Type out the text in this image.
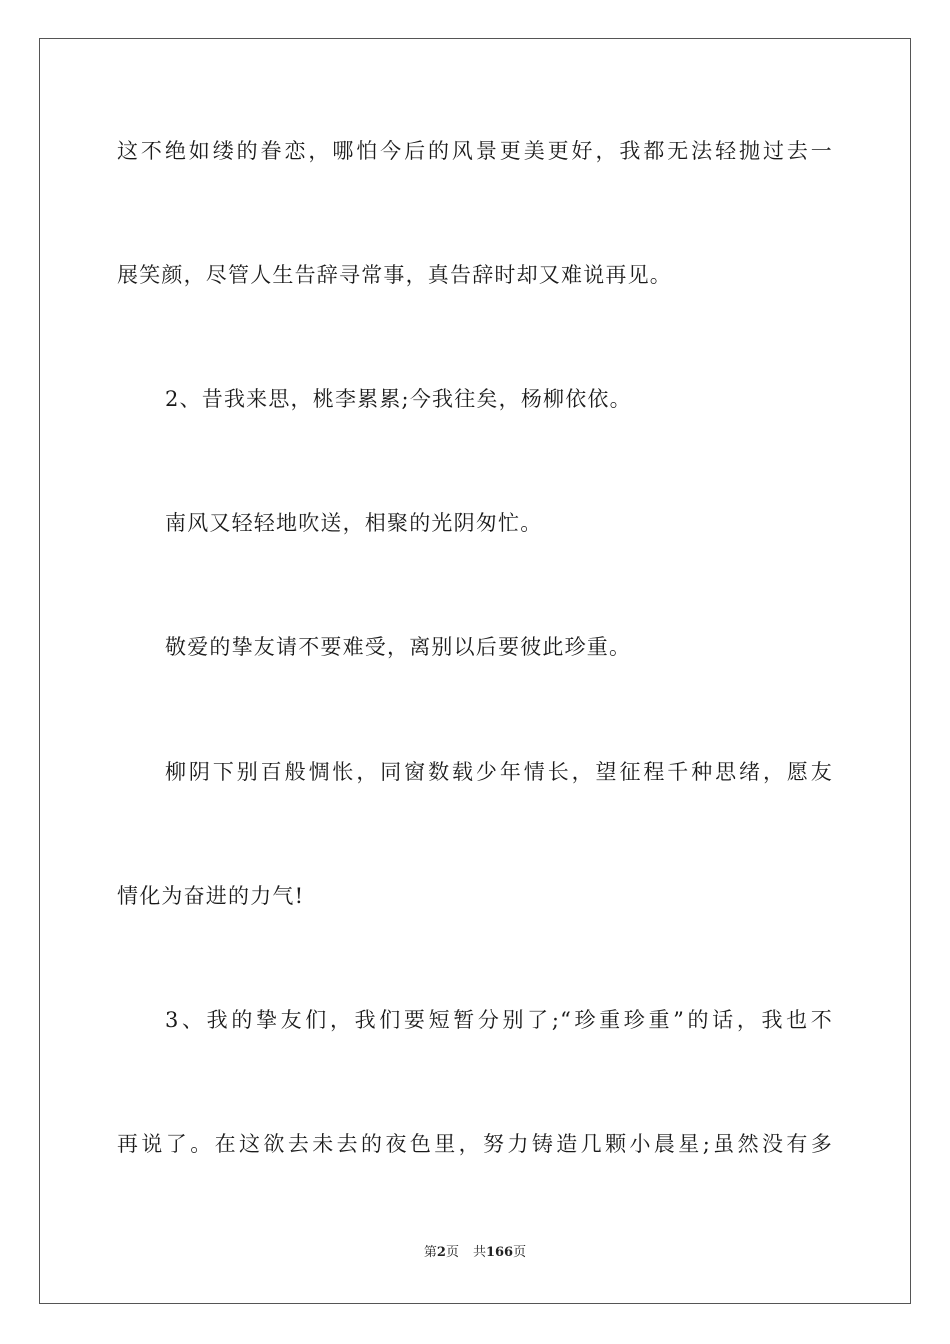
这不绝如缕的眷恋，哪怕今后的风景更美更好，我都无法轻抛过去一
展笑颜，尽管人生告辞寻常事，真告辞时却又难说再见。
2、昔我来思，桃李累累;今我往矣，杨柳依依。
南风又轻轻地吹送，相聚的光阴匆忙。
敬爱的挚友请不要难受，离别以后要彼此珍重。
柳阴下别百般惆怅，同窗数载少年情长，望征程千种思绪，愿友
情化为奋进的力气!
3、我的挚友们，我们要短暂分别了;“珍重珍重”的话，我也不
再说了。在这欲去未去的夜色里，努力铸造几颗小晨星;虽然没有多
第2页 共166页
